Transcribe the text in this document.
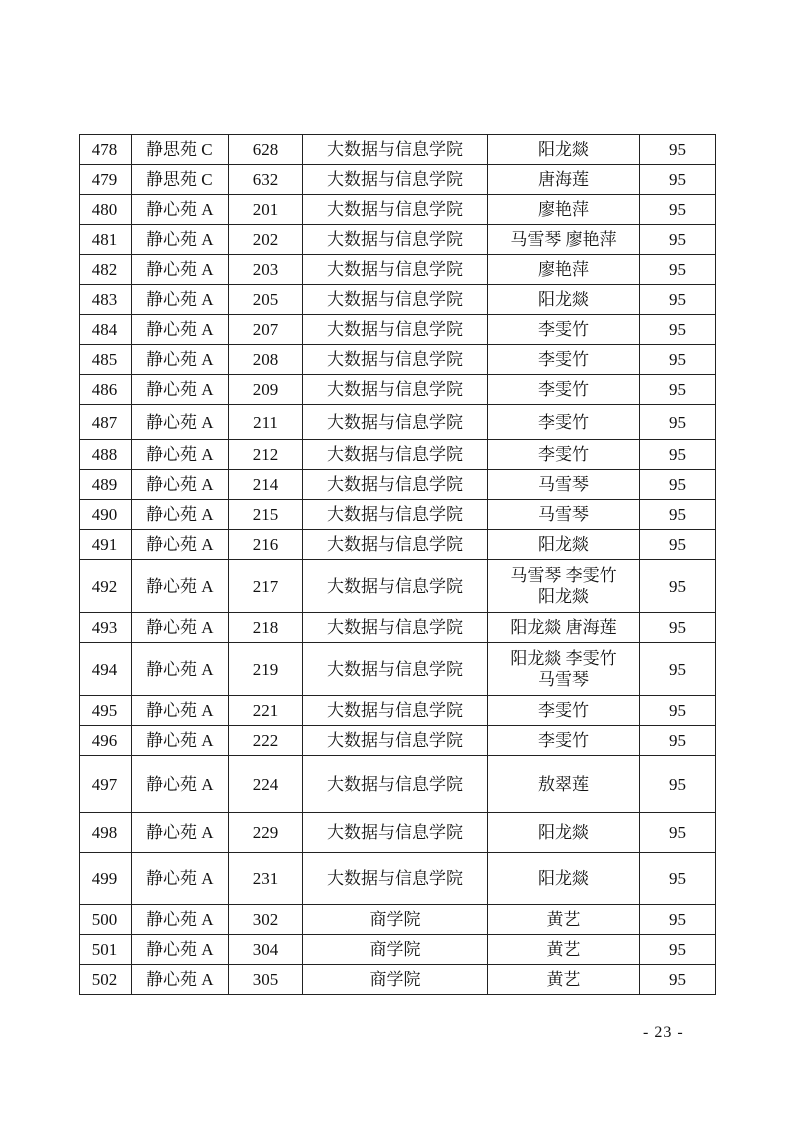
478	静思苑 C	628	大数据与信息学院	阳龙燚	95
479	静思苑 C	632	大数据与信息学院	唐海莲	95
480	静心苑 A	201	大数据与信息学院	廖艳萍	95
481	静心苑 A	202	大数据与信息学院	马雪琴 廖艳萍	95
482	静心苑 A	203	大数据与信息学院	廖艳萍	95
483	静心苑 A	205	大数据与信息学院	阳龙燚	95
484	静心苑 A	207	大数据与信息学院	李雯竹	95
485	静心苑 A	208	大数据与信息学院	李雯竹	95
486	静心苑 A	209	大数据与信息学院	李雯竹	95
487	静心苑 A	211	大数据与信息学院	李雯竹	95
488	静心苑 A	212	大数据与信息学院	李雯竹	95
489	静心苑 A	214	大数据与信息学院	马雪琴	95
490	静心苑 A	215	大数据与信息学院	马雪琴	95
491	静心苑 A	216	大数据与信息学院	阳龙燚	95
492	静心苑 A	217	大数据与信息学院	马雪琴 李雯竹
阳龙燚	95
493	静心苑 A	218	大数据与信息学院	阳龙燚 唐海莲	95
494	静心苑 A	219	大数据与信息学院	阳龙燚 李雯竹
马雪琴	95
495	静心苑 A	221	大数据与信息学院	李雯竹	95
496	静心苑 A	222	大数据与信息学院	李雯竹	95
497	静心苑 A	224	大数据与信息学院	敖翠莲	95
498	静心苑 A	229	大数据与信息学院	阳龙燚	95
499	静心苑 A	231	大数据与信息学院	阳龙燚	95
500	静心苑 A	302	商学院	黄艺	95
501	静心苑 A	304	商学院	黄艺	95
502	静心苑 A	305	商学院	黄艺	95
- 23 -
